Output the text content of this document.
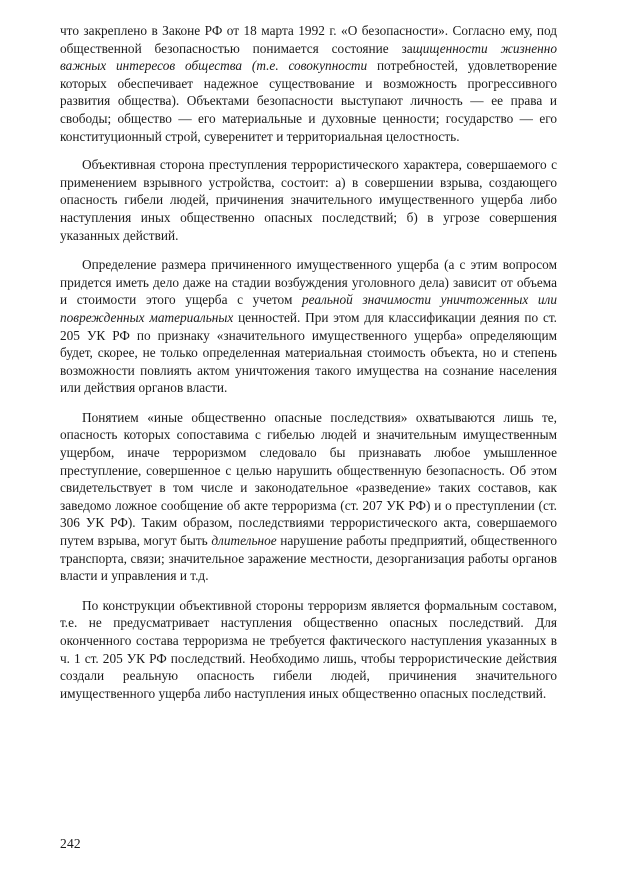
что закреплено в Законе РФ от 18 марта 1992 г. «О безопасности». Согласно ему, под общественной безопасностью понимается состояние защищенности жизненно важных интересов общества (т.е. совокупности потребностей, удовлетворение которых обеспечивает надежное существование и возможность прогрессивного развития общества). Объектами безопасности выступают личность — ее права и свободы; общество — его материальные и духовные ценности; государство — его конституционный строй, суверенитет и территориальная целостность.

Объективная сторона преступления террористического характера, совершаемого с применением взрывного устройства, состоит: а) в совершении взрыва, создающего опасность гибели людей, причинения значительного имущественного ущерба либо наступления иных общественно опасных последствий; б) в угрозе совершения указанных действий.

Определение размера причиненного имущественного ущерба (а с этим вопросом придется иметь дело даже на стадии возбуждения уголовного дела) зависит от объема и стоимости этого ущерба с учетом реальной значимости уничтоженных или поврежденных материальных ценностей. При этом для классификации деяния по ст. 205 УК РФ по признаку «значительного имущественного ущерба» определяющим будет, скорее, не только определенная материальная стоимость объекта, но и степень возможности повлиять актом уничтожения такого имущества на сознание населения или действия органов власти.

Понятием «иные общественно опасные последствия» охватываются лишь те, опасность которых сопоставима с гибелью людей и значительным имущественным ущербом, иначе терроризмом следовало бы признавать любое умышленное преступление, совершенное с целью нарушить общественную безопасность. Об этом свидетельствует в том числе и законодательное «разведение» таких составов, как заведомо ложное сообщение об акте терроризма (ст. 207 УК РФ) и о преступлении (ст. 306 УК РФ). Таким образом, последствиями террористического акта, совершаемого путем взрыва, могут быть длительное нарушение работы предприятий, общественного транспорта, связи; значительное заражение местности, дезорганизация работы органов власти и управления и т.д.

По конструкции объективной стороны терроризм является формальным составом, т.е. не предусматривает наступления общественно опасных последствий. Для оконченного состава терроризма не требуется фактического наступления указанных в ч. 1 ст. 205 УК РФ последствий. Необходимо лишь, чтобы террористические действия создали реальную опасность гибели людей, причинения значительного имущественного ущерба либо наступления иных общественно опасных последствий.

242
